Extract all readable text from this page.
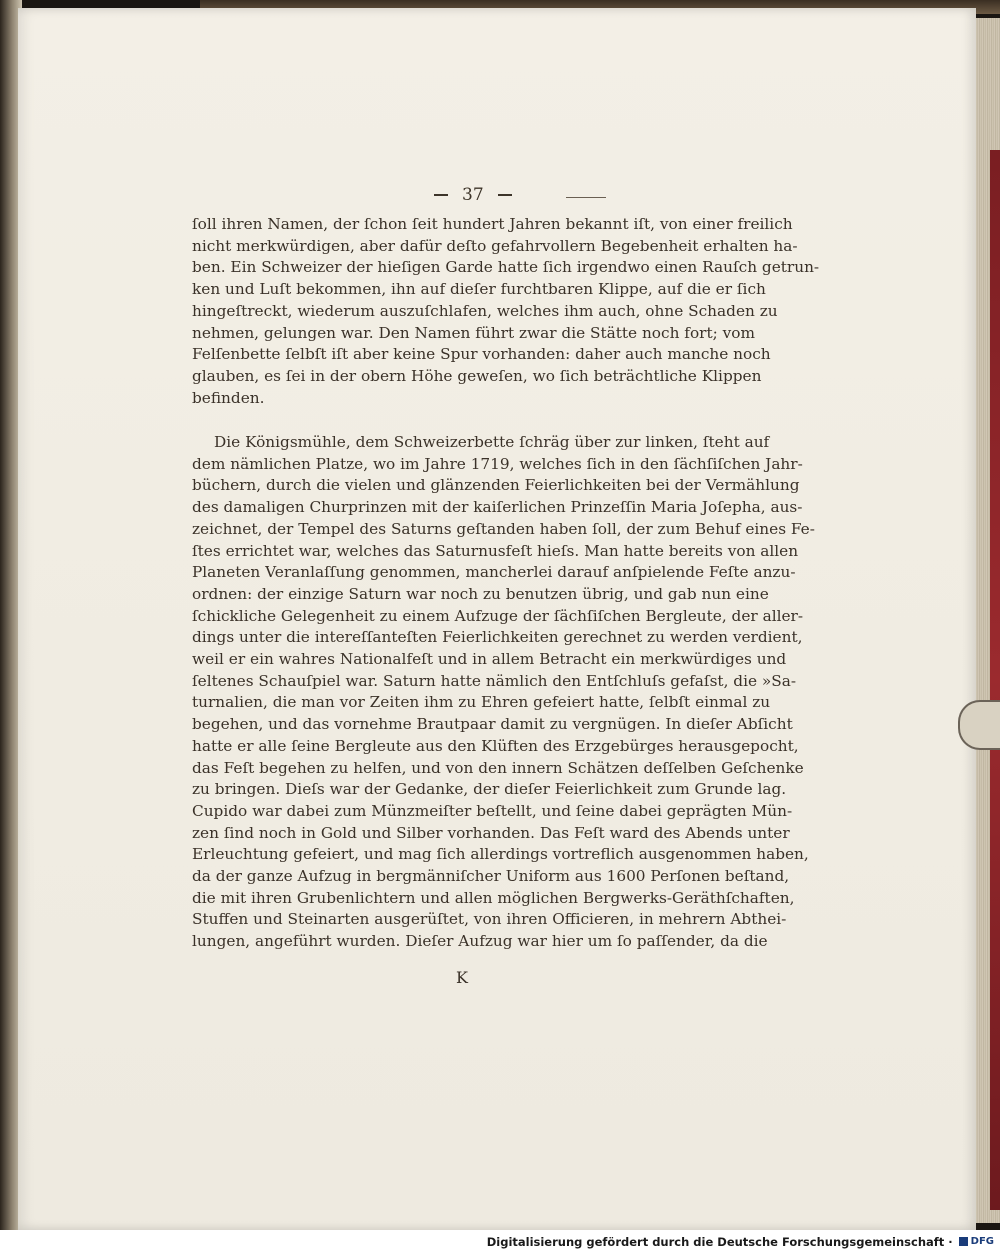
37
ſoll ihren Namen, der ſchon ſeit hundert Jahren bekannt iſt, von einer freilich
nicht merkwürdigen, aber dafür deſto gefahrvollern Begebenheit erhalten ha-
ben. Ein Schweizer der hieſigen Garde hatte ſich irgendwo einen Rauſch getrun-
ken und Luſt bekommen, ihn auf dieſer furchtbaren Klippe, auf die er ſich
hingeſtreckt, wiederum auszuſchlafen, welches ihm auch, ohne Schaden zu
nehmen, gelungen war. Den Namen führt zwar die Stätte noch fort; vom
Felſenbette ſelbſt iſt aber keine Spur vorhanden: daher auch manche noch
glauben, es ſei in der obern Höhe geweſen, wo ſich beträchtliche Klippen
befinden.
Die Königsmühle, dem Schweizerbette ſchräg über zur linken, ſteht auf
dem nämlichen Platze, wo im Jahre 1719, welches ſich in den ſächſiſchen Jahr-
büchern, durch die vielen und glänzenden Feierlichkeiten bei der Vermählung
des damaligen Churprinzen mit der kaiſerlichen Prinzeſſin Maria Joſepha, aus-
zeichnet, der Tempel des Saturns geſtanden haben ſoll, der zum Behuf eines Fe-
ſtes errichtet war, welches das Saturnusfeſt hieſs. Man hatte bereits von allen
Planeten Veranlaſſung genommen, mancherlei darauf anſpielende Feſte anzu-
ordnen: der einzige Saturn war noch zu benutzen übrig, und gab nun eine
ſchickliche Gelegenheit zu einem Aufzuge der ſächſiſchen Bergleute, der aller-
dings unter die intereſſanteſten Feierlichkeiten gerechnet zu werden verdient,
weil er ein wahres Nationalfeſt und in allem Betracht ein merkwürdiges und
ſeltenes Schauſpiel war. Saturn hatte nämlich den Entſchluſs gefaſst, die »Sa-
turnalien, die man vor Zeiten ihm zu Ehren gefeiert hatte, ſelbſt einmal zu
begehen, und das vornehme Brautpaar damit zu vergnügen. In dieſer Abſicht
hatte er alle ſeine Bergleute aus den Klüften des Erzgebürges herausgepocht,
das Feſt begehen zu helfen, und von den innern Schätzen deſſelben Geſchenke
zu bringen. Dieſs war der Gedanke, der dieſer Feierlichkeit zum Grunde lag.
Cupido war dabei zum Münzmeiſter beſtellt, und ſeine dabei geprägten Mün-
zen ſind noch in Gold und Silber vorhanden. Das Feſt ward des Abends unter
Erleuchtung gefeiert, und mag ſich allerdings vortreflich ausgenommen haben,
da der ganze Aufzug in bergmänniſcher Uniform aus 1600 Perſonen beſtand,
die mit ihren Grubenlichtern und allen möglichen Bergwerks-Geräthſchaften,
Stuffen und Steinarten ausgerüſtet, von ihren Officieren, in mehrern Abthei-
lungen, angeführt wurden. Dieſer Aufzug war hier um ſo paſſender, da die
K
Digitalisierung gefördert durch die Deutsche Forschungsgemeinschaft · DFG
